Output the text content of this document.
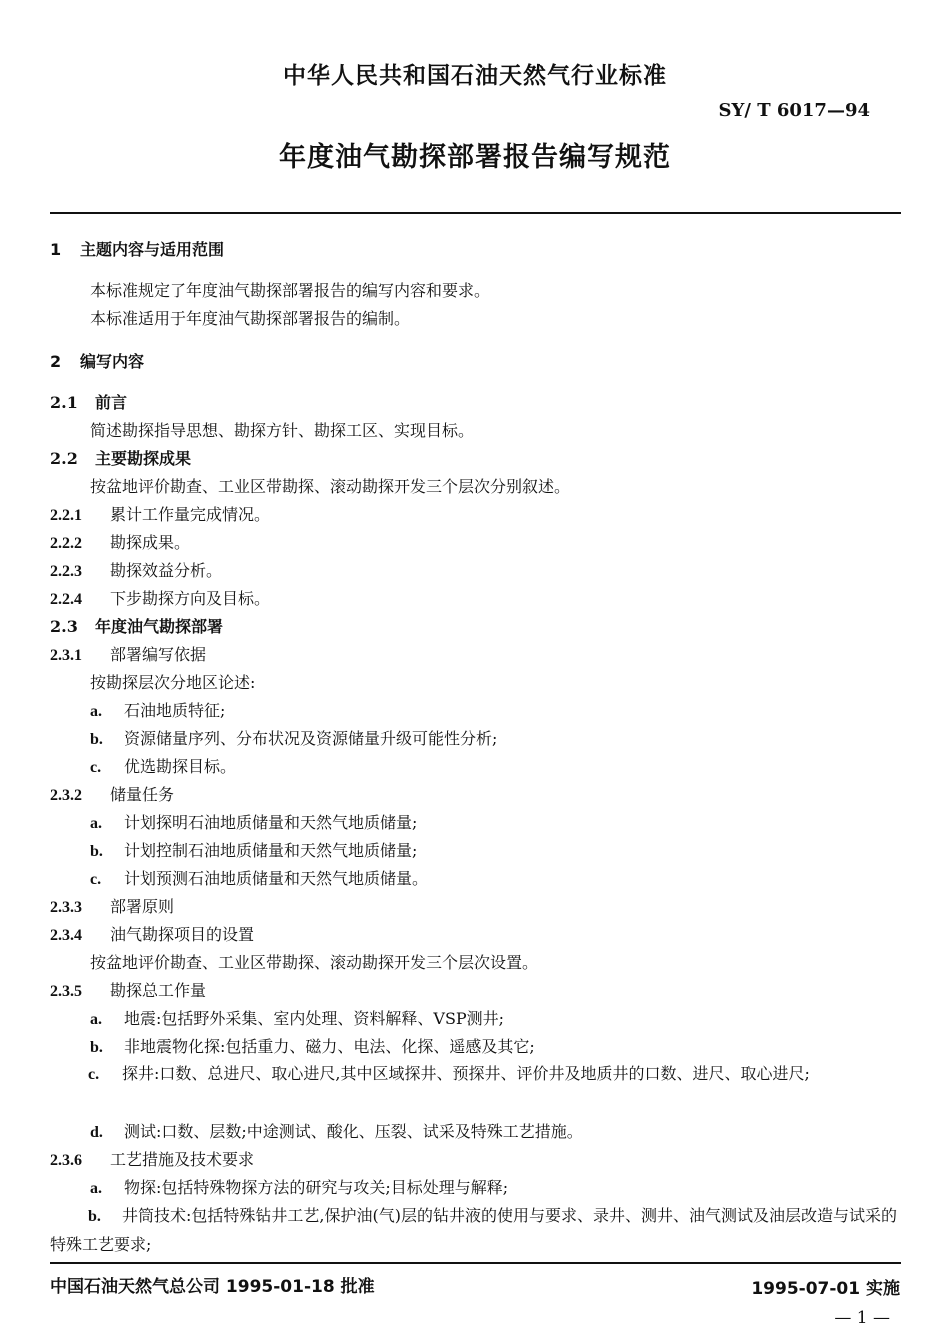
中华人民共和国石油天然气行业标准
SY/ T 6017—94
年度油气勘探部署报告编写规范
1 主题内容与适用范围
本标准规定了年度油气勘探部署报告的编写内容和要求。
本标准适用于年度油气勘探部署报告的编制。
2 编写内容
2.1 前言
简述勘探指导思想、勘探方针、勘探工区、实现目标。
2.2 主要勘探成果
按盆地评价勘查、工业区带勘探、滚动勘探开发三个层次分别叙述。
2.2.1 累计工作量完成情况。
2.2.2 勘探成果。
2.2.3 勘探效益分析。
2.2.4 下步勘探方向及目标。
2.3 年度油气勘探部署
2.3.1 部署编写依据
按勘探层次分地区论述:
a. 石油地质特征;
b. 资源储量序列、分布状况及资源储量升级可能性分析;
c. 优选勘探目标。
2.3.2 储量任务
a. 计划探明石油地质储量和天然气地质储量;
b. 计划控制石油地质储量和天然气地质储量;
c. 计划预测石油地质储量和天然气地质储量。
2.3.3 部署原则
2.3.4 油气勘探项目的设置
按盆地评价勘查、工业区带勘探、滚动勘探开发三个层次设置。
2.3.5 勘探总工作量
a. 地震:包括野外采集、室内处理、资料解释、VSP测井;
b. 非地震物化探:包括重力、磁力、电法、化探、遥感及其它;
c. 探井:口数、总进尺、取心进尺,其中区域探井、预探井、评价井及地质井的口数、进尺、取心进尺;
d. 测试:口数、层数;中途测试、酸化、压裂、试采及特殊工艺措施。
2.3.6 工艺措施及技术要求
a. 物探:包括特殊物探方法的研究与攻关;目标处理与解释;
b. 井筒技术:包括特殊钻井工艺,保护油(气)层的钻井液的使用与要求、录井、测井、油气测试及油层改造与试采的特殊工艺要求;
中国石油天然气总公司 1995-01-18 批准	1995-07-01 实施
— 1 —
